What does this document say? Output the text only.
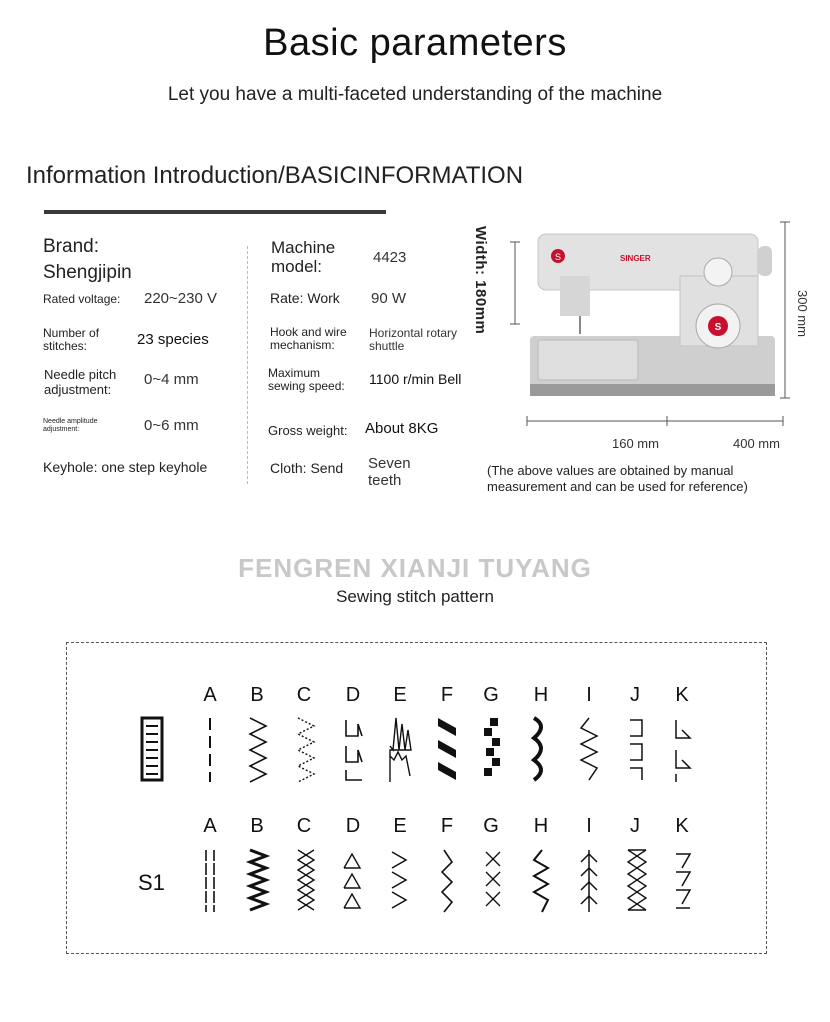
Basic parameters
Let you have a multi-faceted understanding of the machine
Information Introduction/BASICINFORMATION
Brand:
Shengjipin
Rated voltage: 220~230 V
Number of stitches:	23 species
Needle pitch adjustment:
0~4 mm
Needle amplitude adjustment:	0~6 mm
Keyhole: one step keyhole
Machine model:	4423
Rate: Work 90 W
Hook and wire mechanism:
Horizontal rotary shuttle
Maximum sewing speed:	1100 r/min Bell
Gross weight: About 8KG
Cloth: Send Seven teeth
Width: 180mm	S	SINGER
S	300 mm
160 mm	400 mm
(The above values are obtained by manual measurement and can be used for reference)
FENGREN XIANJI TUYANG
Sewing stitch pattern
A	B	C	D	E	F	G	H	I	J	K
A	B	C	D	E	F	G	H	I	J	K
S1
